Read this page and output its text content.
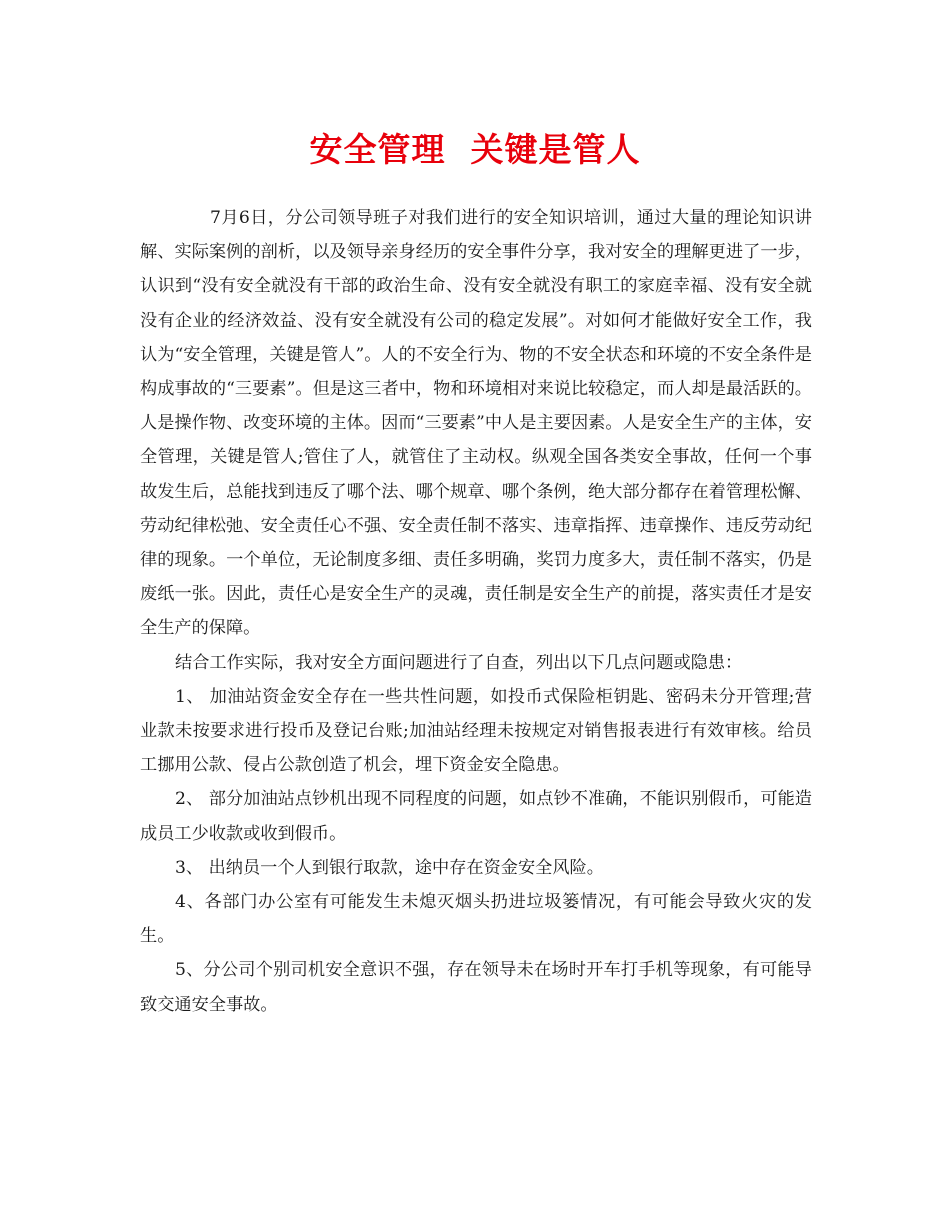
安全管理  关键是管人

7月6日，分公司领导班子对我们进行的安全知识培训，通过大量的理论知识讲解、实际案例的剖析，以及领导亲身经历的安全事件分享，我对安全的理解更进了一步，认识到“没有安全就没有干部的政治生命、没有安全就没有职工的家庭幸福、没有安全就没有企业的经济效益、没有安全就没有公司的稳定发展”。对如何才能做好安全工作，我认为“安全管理，关键是管人”。人的不安全行为、物的不安全状态和环境的不安全条件是构成事故的“三要素”。但是这三者中，物和环境相对来说比较稳定，而人却是最活跃的。人是操作物、改变环境的主体。因而“三要素”中人是主要因素。人是安全生产的主体，安全管理，关键是管人;管住了人，就管住了主动权。纵观全国各类安全事故，任何一个事故发生后，总能找到违反了哪个法、哪个规章、哪个条例，绝大部分都存在着管理松懈、劳动纪律松弛、安全责任心不强、安全责任制不落实、违章指挥、违章操作、违反劳动纪律的现象。一个单位，无论制度多细、责任多明确，奖罚力度多大，责任制不落实，仍是废纸一张。因此，责任心是安全生产的灵魂，责任制是安全生产的前提，落实责任才是安全生产的保障。

结合工作实际，我对安全方面问题进行了自查，列出以下几点问题或隐患：

1、 加油站资金安全存在一些共性问题，如投币式保险柜钥匙、密码未分开管理;营业款未按要求进行投币及登记台账;加油站经理未按规定对销售报表进行有效审核。给员工挪用公款、侵占公款创造了机会，埋下资金安全隐患。

2、 部分加油站点钞机出现不同程度的问题，如点钞不准确，不能识别假币，可能造成员工少收款或收到假币。

3、 出纳员一个人到银行取款，途中存在资金安全风险。

4、各部门办公室有可能发生未熄灭烟头扔进垃圾篓情况，有可能会导致火灾的发生。

5、分公司个别司机安全意识不强，存在领导未在场时开车打手机等现象，有可能导致交通安全事故。
